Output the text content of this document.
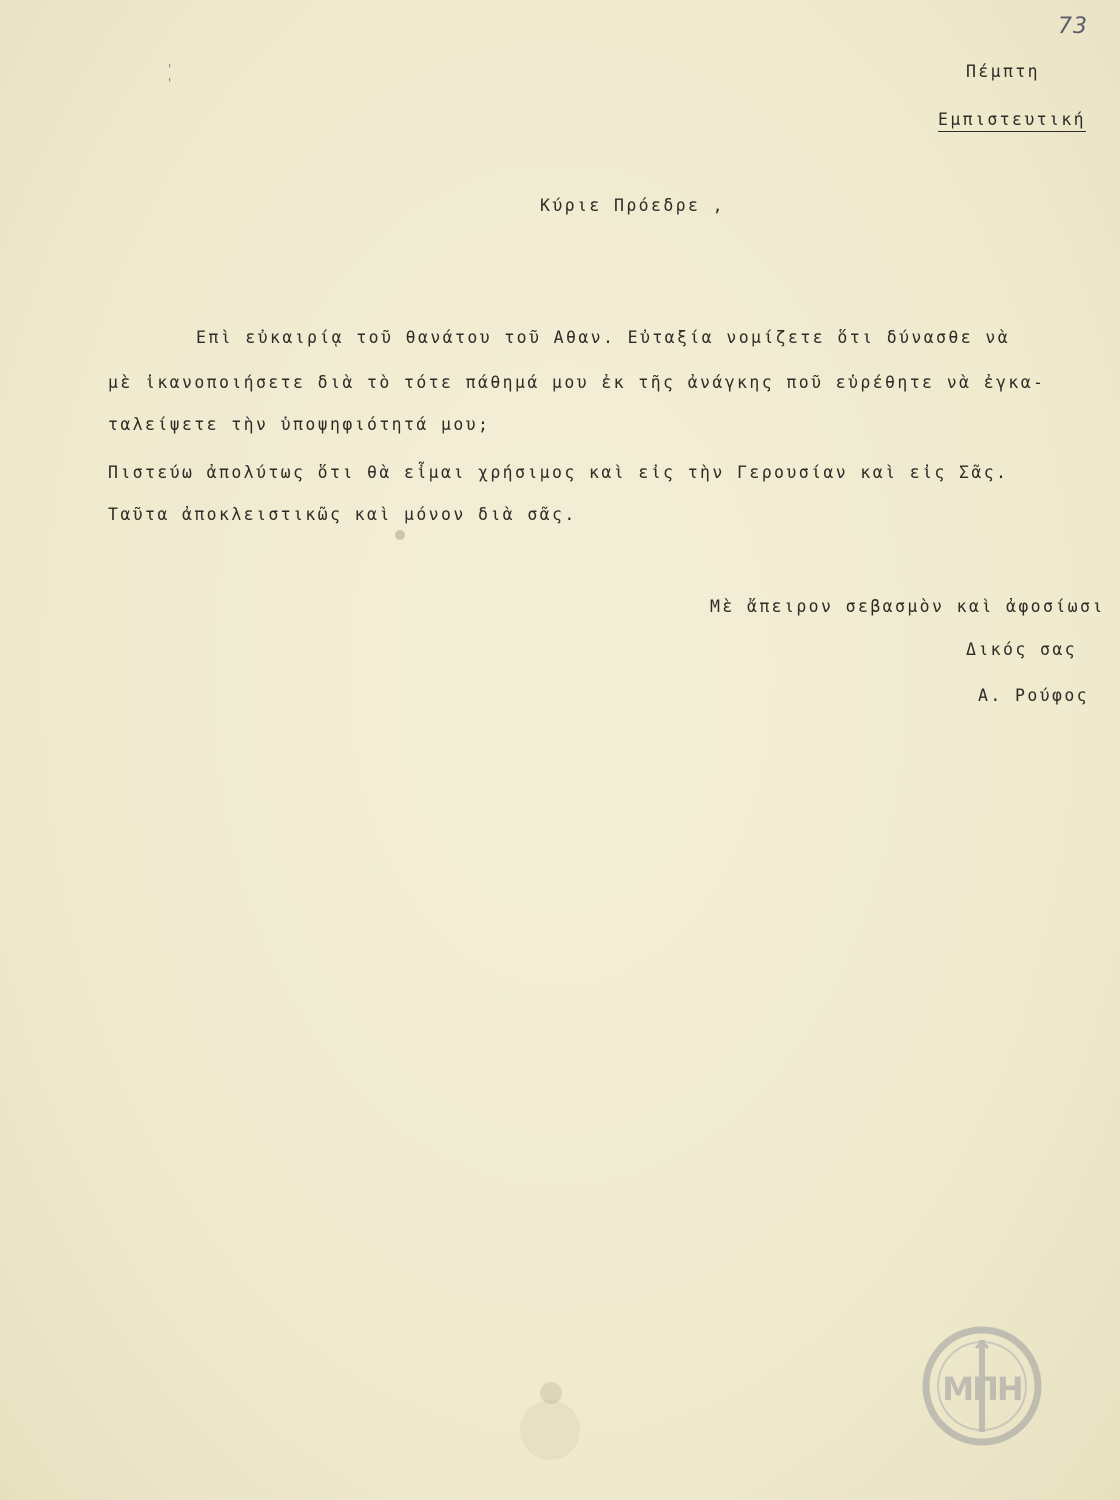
73
' '
Πέμπτη
Εμπιστευτική
Κύριε Πρόεδρε ,
Επὶ εὐκαιρίᾳ τοῦ θανάτου τοῦ Αθαν. Εὐταξία νομίζετε ὅτι δύνασθε νὰ
μὲ ἱκανοποιήσετε διὰ τὸ τότε πάθημά μου ἐκ τῆς ἀνάγκης ποῦ εὑρέθητε νὰ ἐγκα-
ταλείψετε τὴν ὑποψηφιότητά μου;
Πιστεύω ἀπολύτως ὅτι θὰ εἶμαι χρήσιμος καὶ εἰς τὴν Γερουσίαν καὶ εἰς Σᾶς.
Ταῦτα ἀποκλειστικῶς καὶ μόνον διὰ σᾶς.
Μὲ ἄπειρον σεβασμὸν καὶ ἀφοσίωσι
Δικός σας
Α. Ρούφος
ΜΠΗ
